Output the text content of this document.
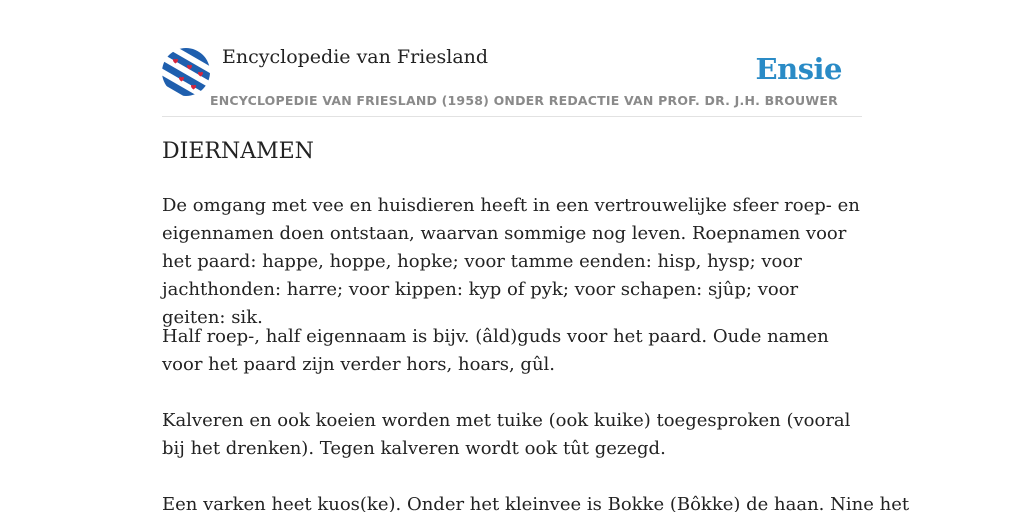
Encyclopedie van Friesland
ENCYCLOPEDIE VAN FRIESLAND (1958) ONDER REDACTIE VAN PROF. DR. J.H. BROUWER
Ensie
DIERNAMEN

De omgang met vee en huisdieren heeft in een vertrouwelijke sfeer roep- en eigennamen doen ontstaan, waarvan sommige nog leven. Roepnamen voor het paard: happe, hoppe, hopke; voor tamme eenden: hisp, hysp; voor jachthonden: harre; voor kippen: kyp of pyk; voor schapen: sjûp; voor geiten: sik.

Half roep-, half eigennaam is bijv. (âld)guds voor het paard. Oude namen voor het paard zijn verder hors, hoars, gûl.

Kalveren en ook koeien worden met tuike (ook kuike) toegesproken (vooral bij het drenken). Tegen kalveren wordt ook tût gezegd.

Een varken heet kuos(ke). Onder het kleinvee is Bokke (Bôkke) de haan. Nine het
